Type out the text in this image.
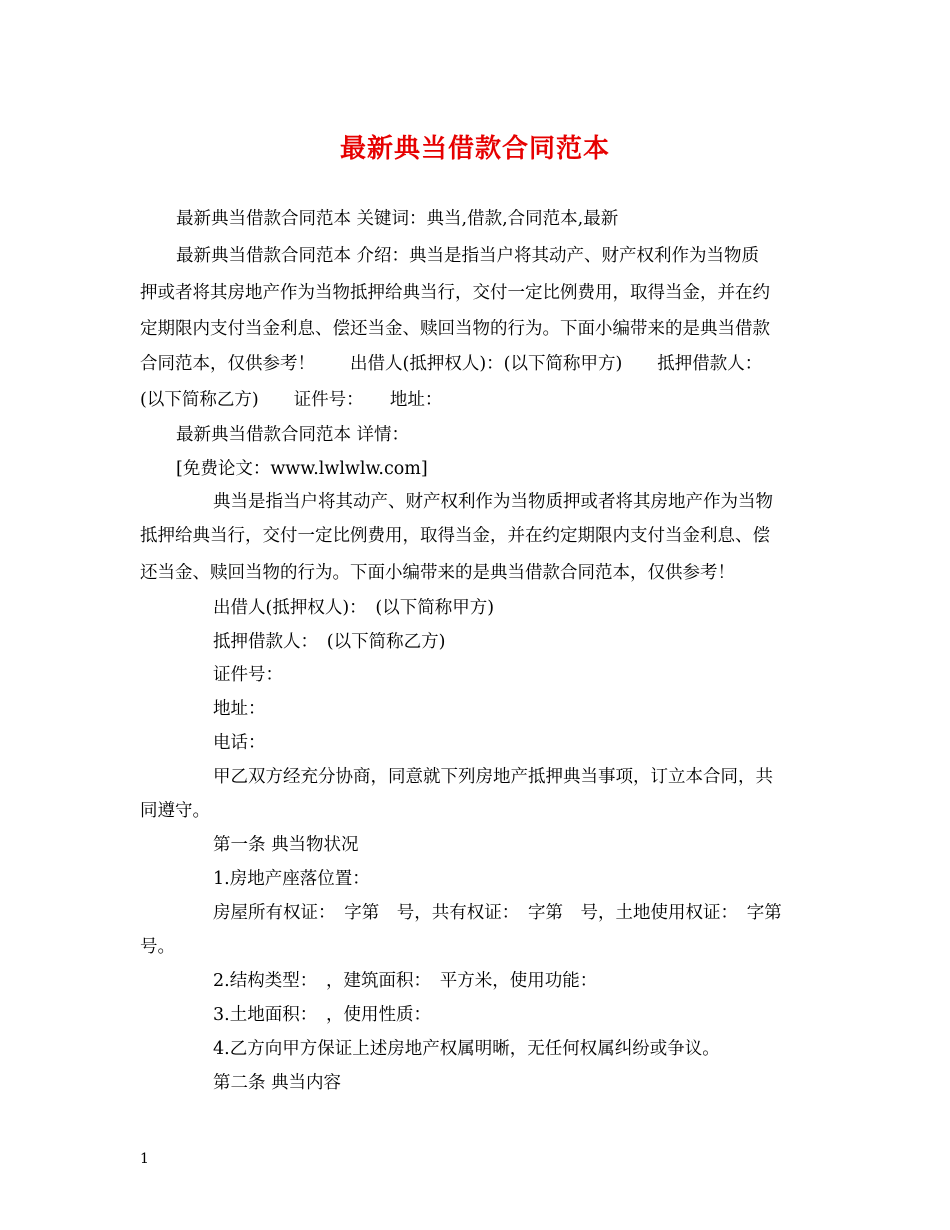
最新典当借款合同范本
最新典当借款合同范本 关键词：典当,借款,合同范本,最新
最新典当借款合同范本 介绍：典当是指当户将其动产、财产权利作为当物质
押或者将其房地产作为当物抵押给典当行，交付一定比例费用，取得当金，并在约
定期限内支付当金利息、偿还当金、赎回当物的行为。下面小编带来的是典当借款
合同范本，仅供参考！　　出借人(抵押权人)：(以下简称甲方)　　抵押借款人：
(以下简称乙方)　　证件号：　　地址：
最新典当借款合同范本 详情：
[免费论文：www.lwlwlw.com]
典当是指当户将其动产、财产权利作为当物质押或者将其房地产作为当物
抵押给典当行，交付一定比例费用，取得当金，并在约定期限内支付当金利息、偿
还当金、赎回当物的行为。下面小编带来的是典当借款合同范本，仅供参考！
出借人(抵押权人)：　(以下简称甲方)
抵押借款人：　(以下简称乙方)
证件号：
地址：
电话：
甲乙双方经充分协商，同意就下列房地产抵押典当事项，订立本合同，共
同遵守。
第一条 典当物状况
1.房地产座落位置：
房屋所有权证：　字第　号，共有权证：　字第　号，土地使用权证：　字第
号。
2.结构类型：　，建筑面积：　平方米，使用功能：
3.土地面积：　，使用性质：
4.乙方向甲方保证上述房地产权属明晰，无任何权属纠纷或争议。
第二条 典当内容
1
